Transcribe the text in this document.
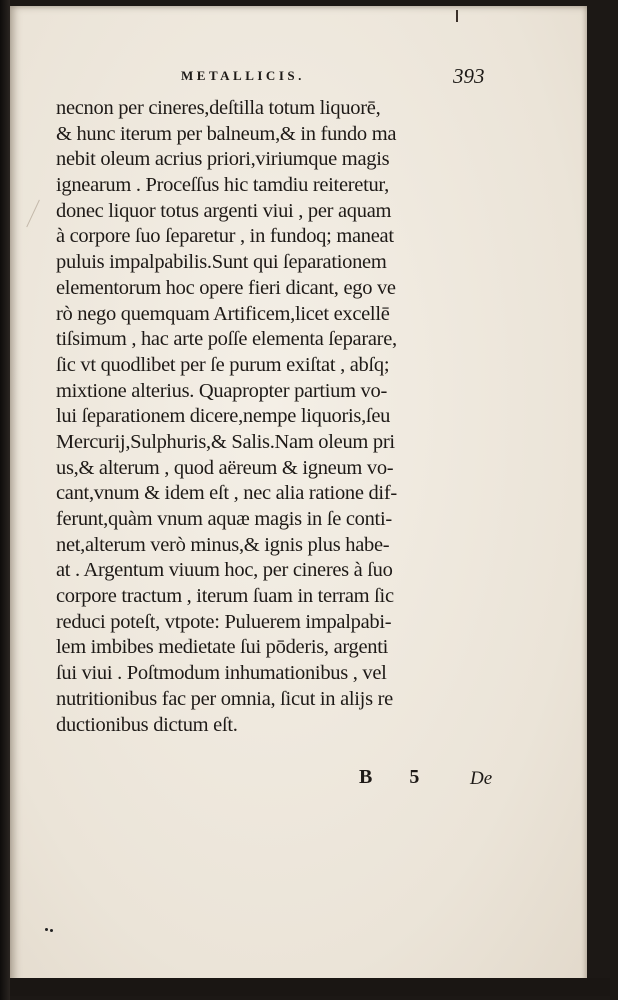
METALLICIS.	393
necnon per cineres,deſtilla totum liquorē,
& hunc iterum per balneum,& in fundo ma
nebit oleum acrius priori,viriumque magis
ignearum . Proceſſus hic tamdiu reiteretur,
donec liquor totus argenti viui , per aquam
à corpore ſuo ſeparetur , in fundoq; maneat
puluis impalpabilis.Sunt qui ſeparationem
elementorum hoc opere fieri dicant, ego ve
rò nego quemquam Artificem,licet excellē
tiſsimum , hac arte poſſe elementa ſeparare,
ſic vt quodlibet per ſe purum exiſtat , abſq;
mixtione alterius. Quapropter partium vo-
lui ſeparationem dicere,nempe liquoris,ſeu
Mercurij,Sulphuris,& Salis.Nam oleum pri
us,& alterum , quod aëreum & igneum vo-
cant,vnum & idem eſt , nec alia ratione dif-
ferunt,quàm vnum aquæ magis in ſe conti-
net,alterum verò minus,& ignis plus habe-
at . Argentum viuum hoc, per cineres à ſuo
corpore tractum , iterum ſuam in terram ſic
reduci poteſt, vtpote: Puluerem impalpabi-
lem imbibes medietate ſui pōderis, argenti
ſui viui . Poſtmodum inhumationibus , vel
nutritionibus fac per omnia, ſicut in alijs re
ductionibus dictum eſt.
B 5 De
